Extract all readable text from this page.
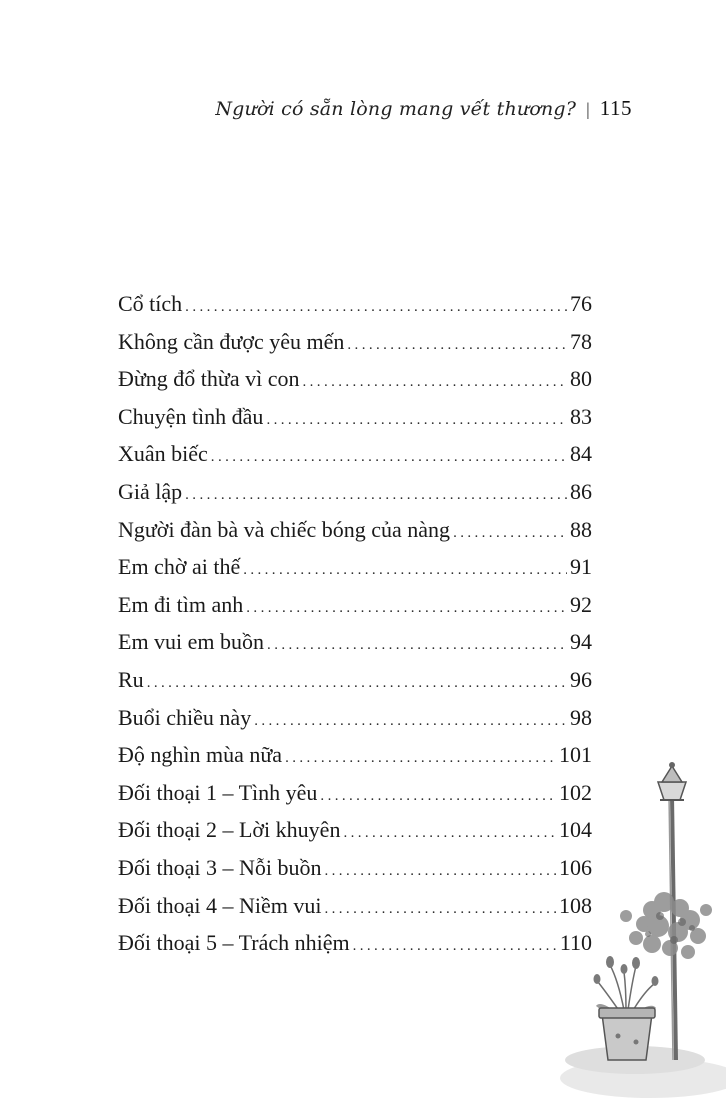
Người có sẵn lòng mang vết thương? | 115
Cổ tích .....	76
Không cần được yêu mến .....	78
Đừng đổ thừa vì con .....	80
Chuyện tình đầu .....	83
Xuân biếc .....	84
Giả lập .....	86
Người đàn bà và chiếc bóng của nàng .....	88
Em chờ ai thế .....	91
Em đi tìm anh .....	92
Em vui em buồn .....	94
Ru .....	96
Buổi chiều này .....	98
Độ nghìn mùa nữa .....	101
Đối thoại 1 – Tình yêu .....	102
Đối thoại 2 – Lời khuyên .....	104
Đối thoại 3 – Nỗi buồn .....	106
Đối thoại 4 – Niềm vui .....	108
Đối thoại 5 – Trách nhiệm .....	110
